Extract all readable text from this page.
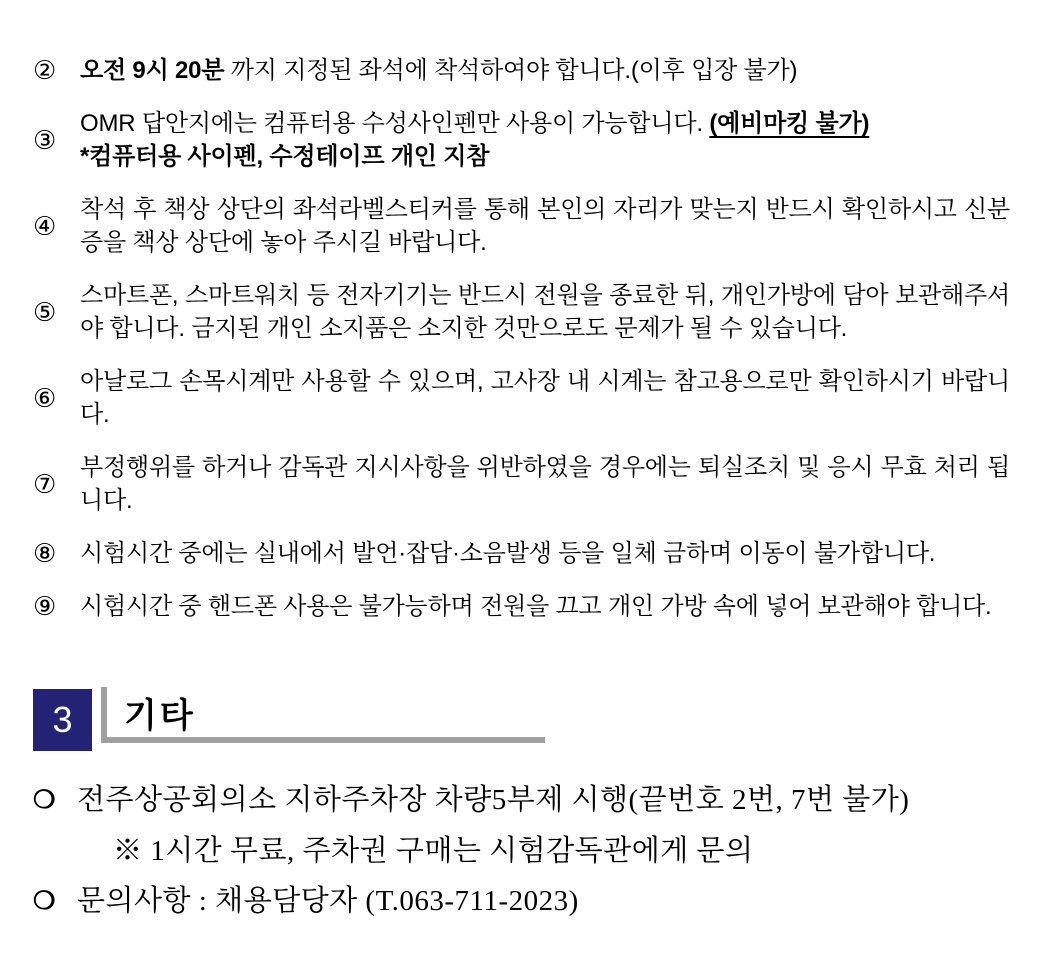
② 오전 9시 20분 까지 지정된 좌석에 착석하여야 합니다.(이후 입장 불가)
③
OMR 답안지에는 컴퓨터용 수성사인펜만 사용이 가능합니다. (예비마킹 불가)
*컴퓨터용 사이펜, 수정테이프 개인 지참
④
착석 후 책상 상단의 좌석라벨스티커를 통해 본인의 자리가 맞는지 반드시 확인하시고 신분증을 책상 상단에 놓아 주시길 바랍니다.
⑤
스마트폰, 스마트워치 등 전자기기는 반드시 전원을 종료한 뒤, 개인가방에 담아 보관해주셔야 합니다. 금지된 개인 소지품은 소지한 것만으로도 문제가 될 수 있습니다.
⑥
아날로그 손목시계만 사용할 수 있으며, 고사장 내 시계는 참고용으로만 확인하시기 바랍니다.
⑦
부정행위를 하거나 감독관 지시사항을 위반하였을 경우에는 퇴실조치 및 응시 무효 처리 됩니다.
⑧ 시험시간 중에는 실내에서 발언·잡담·소음발생 등을 일체 금하며 이동이 불가합니다.
⑨ 시험시간 중 핸드폰 사용은 불가능하며 전원을 끄고 개인 가방 속에 넣어 보관해야 합니다.
3	기타
❍ 전주상공회의소 지하주차장 차량5부제 시행(끝번호 2번, 7번 불가)
※ 1시간 무료, 주차권 구매는 시험감독관에게 문의
❍ 문의사항 : 채용담당자 (T.063-711-2023)
